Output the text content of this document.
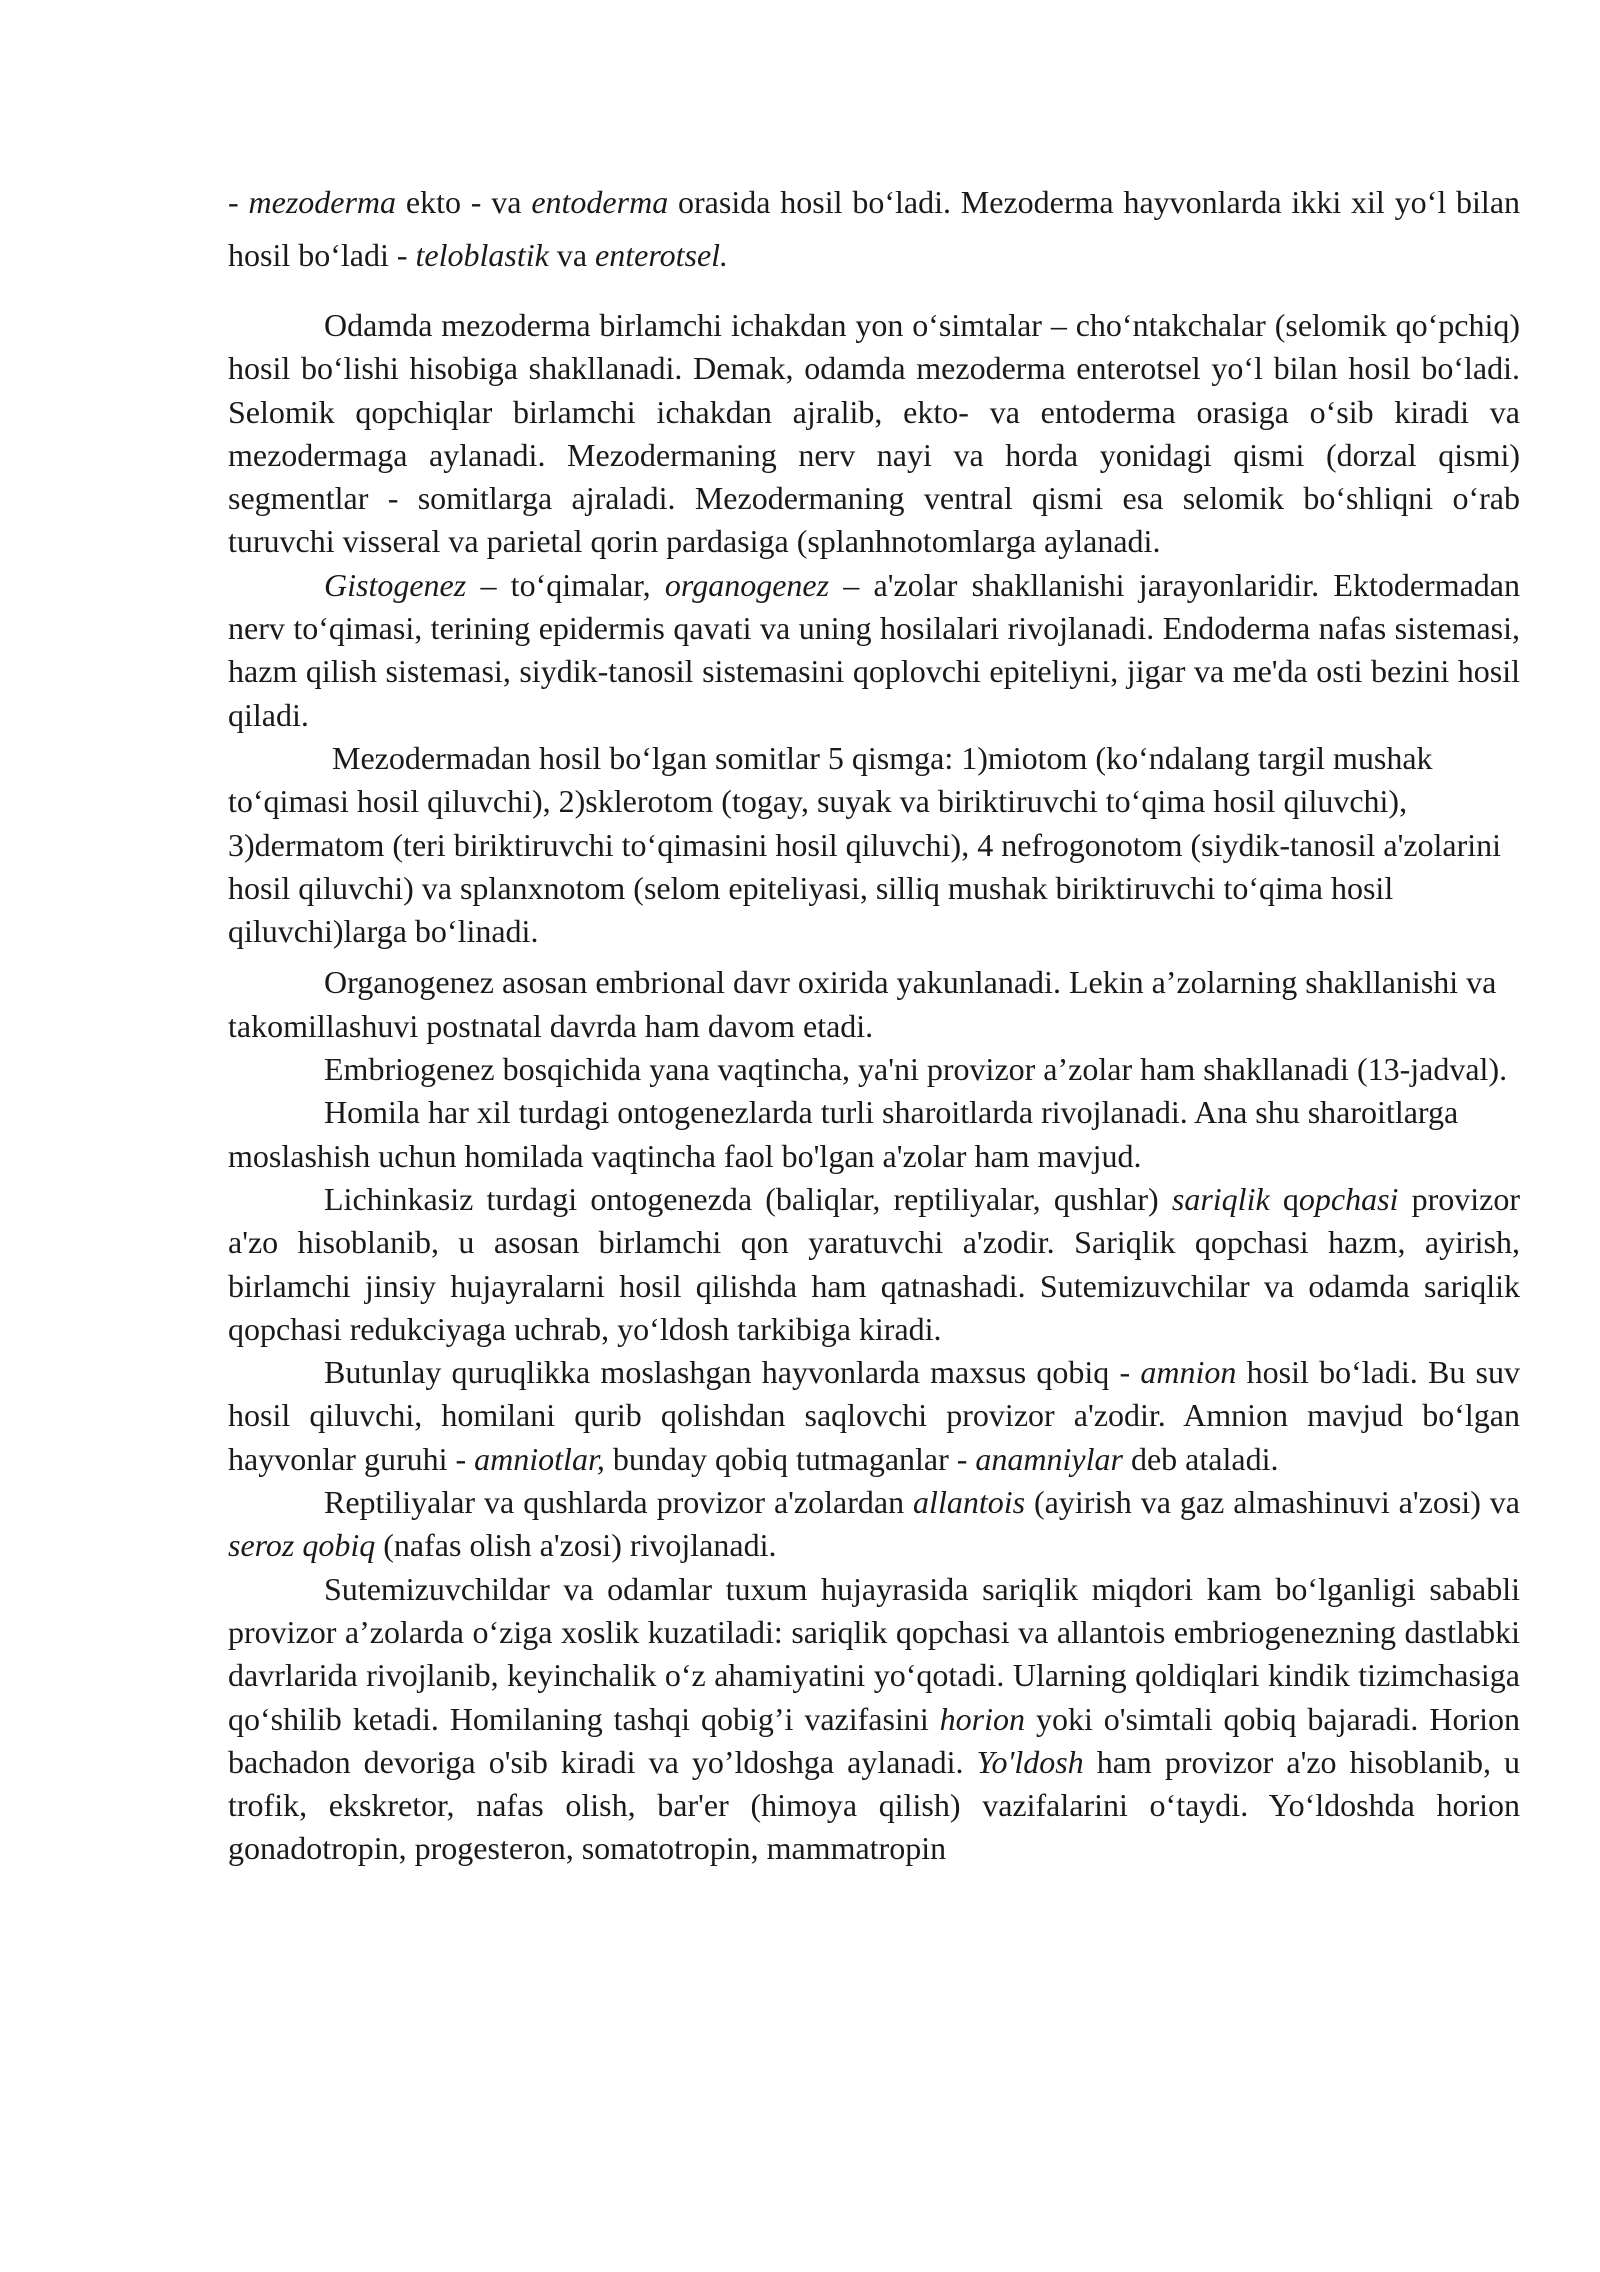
- mezoderma ekto - va entoderma orasida hosil bo‘ladi. Mezoderma hayvonlarda ikki xil yo‘l bilan hosil bo‘ladi - teloblastik va enterotsel.

Odamda mezoderma birlamchi ichakdan yon o‘simtalar – cho‘ntakchalar (selomik qo‘pchiq) hosil bo‘lishi hisobiga shakllanadi. Demak, odamda mezoderma enterotsel yo‘l bilan hosil bo‘ladi. Selomik qopchiqlar birlamchi ichakdan ajralib, ekto- va entoderma orasiga o‘sib kiradi va mezodermaga aylanadi. Mezodermaning nerv nayi va horda yonidagi qismi (dorzal qismi) segmentlar - somitlarga ajraladi. Mezodermaning ventral qismi esa selomik bo‘shliqni o‘rab turuvchi visseral va parietal qorin pardasiga (splanhnotomlarga aylanadi.

Gistogenez – to‘qimalar, organogenez – a'zolar shakllanishi jarayonlaridir. Ektodermadan nerv to‘qimasi, terining epidermis qavati va uning hosilalari rivojlanadi. Endoderma nafas sistemasi, hazm qilish sistemasi, siydik-tanosil sistemasini qoplovchi epiteliyni, jigar va me'da osti bezini hosil qiladi.

Mezodermadan hosil bo‘lgan somitlar 5 qismga: 1)miotom (ko‘ndalang targil mushak to‘qimasi hosil qiluvchi), 2)sklerotom (togay, suyak va biriktiruvchi to‘qima hosil qiluvchi), 3)dermatom (teri biriktiruvchi to‘qimasini hosil qiluvchi), 4 nefrogonotom (siydik-tanosil a'zolarini hosil qiluvchi) va splanxnotom (selom epiteliyasi, silliq mushak biriktiruvchi to‘qima hosil qiluvchi)larga bo‘linadi.

Organogenez asosan embrional davr oxirida yakunlanadi. Lekin a’zolarning shakllanishi va takomillashuvi postnatal davrda ham davom etadi.

Embriogenez bosqichida yana vaqtincha, ya'ni provizor a’zolar ham shakllanadi (13-jadval).

Homila har xil turdagi ontogenezlarda turli sharoitlarda rivojlanadi. Ana shu sharoitlarga moslashish uchun homilada vaqtincha faol bo'lgan a'zolar ham mavjud.

Lichinkasiz turdagi ontogenezda (baliqlar, reptiliyalar, qushlar) sariqlik qopchasi provizor a'zo hisoblanib, u asosan birlamchi qon yaratuvchi a'zodir. Sariqlik qopchasi hazm, ayirish, birlamchi jinsiy hujayralarni hosil qilishda ham qatnashadi. Sutemizuvchilar va odamda sariqlik qopchasi redukciyaga uchrab, yo‘ldosh tarkibiga kiradi.

Butunlay quruqlikka moslashgan hayvonlarda maxsus qobiq - amnion hosil bo‘ladi. Bu suv hosil qiluvchi, homilani qurib qolishdan saqlovchi provizor a'zodir. Amnion mavjud bo‘lgan hayvonlar guruhi - amniotlar, bunday qobiq tutmaganlar - anamniylar deb ataladi.

Reptiliyalar va qushlarda provizor a'zolardan allantois (ayirish va gaz almashinuvi a'zosi) va seroz qobiq (nafas olish a'zosi) rivojlanadi.

Sutemizuvchildar va odamlar tuxum hujayrasida sariqlik miqdori kam bo‘lganligi sababli provizor a’zolarda o‘ziga xoslik kuzatiladi: sariqlik qopchasi va allantois embriogenezning dastlabki davrlarida rivojlanib, keyinchalik o‘z ahamiyatini yo‘qotadi. Ularning qoldiqlari kindik tizimchasiga qo‘shilib ketadi. Homilaning tashqi qobig’i vazifasini horion yoki o'simtali qobiq bajaradi. Horion bachadon devoriga o'sib kiradi va yo’ldoshga aylanadi. Yo'ldosh ham provizor a'zo hisoblanib, u trofik, ekskretor, nafas olish, bar'er (himoya qilish) vazifalarini o‘taydi. Yo‘ldoshda horion gonadotropin, progesteron, somatotropin, mammatropin
